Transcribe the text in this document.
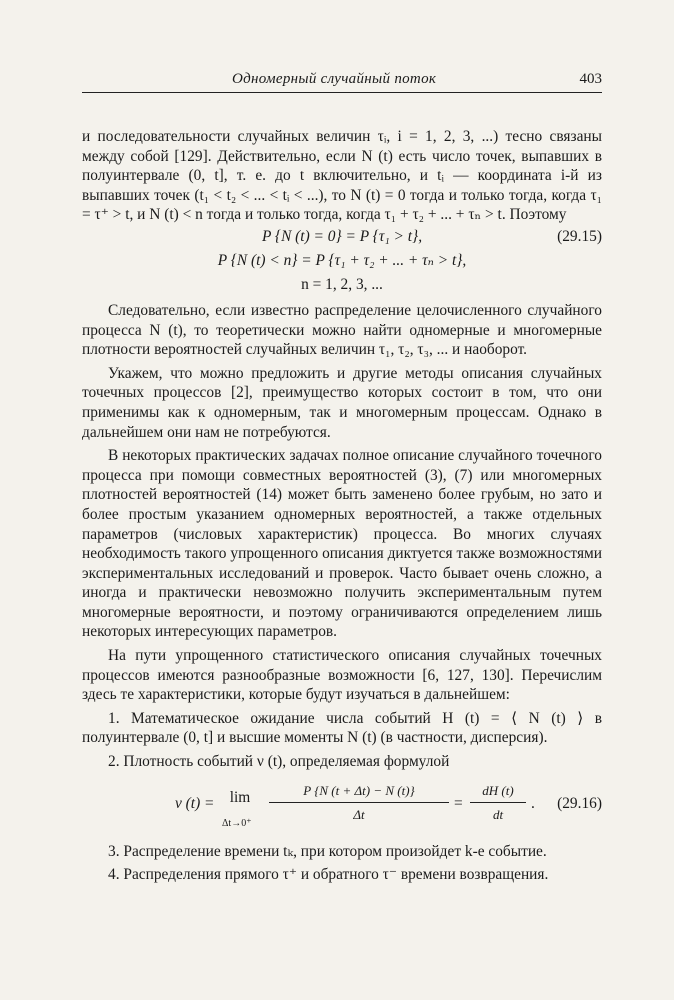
Одномерный случайный поток	403

и последовательности случайных величин τᵢ, i = 1, 2, 3, ...) тесно связаны между собой [129]. Действительно, если N (t) есть число точек, выпавших в полуинтервале (0, t], т. е. до t включительно, и tᵢ — координата i-й из выпавших точек (t₁ < t₂ < ... < tᵢ < ...), то N (t) = 0 тогда и только тогда, когда τ₁ = τ⁺ > t, и N (t) < n тогда и только тогда, когда τ₁ + τ₂ + ... + τₙ > t. Поэтому

P {N (t) = 0} = P {τ₁ > t},	(29.15)
P {N (t) < n} = P {τ₁ + τ₂ + ... + τₙ > t},
n = 1, 2, 3, ...

Следовательно, если известно распределение целочисленного случайного процесса N (t), то теоретически можно найти одномерные и многомерные плотности вероятностей случайных величин τ₁, τ₂, τ₃, ... и наоборот.

Укажем, что можно предложить и другие методы описания случайных точечных процессов [2], преимущество которых состоит в том, что они применимы как к одномерным, так и многомерным процессам. Однако в дальнейшем они нам не потребуются.

В некоторых практических задачах полное описание случайного точечного процесса при помощи совместных вероятностей (3), (7) или многомерных плотностей вероятностей (14) может быть заменено более грубым, но зато и более простым указанием одномерных вероятностей, а также отдельных параметров (числовых характеристик) процесса. Во многих случаях необходимость такого упрощенного описания диктуется также возможностями экспериментальных исследований и проверок. Часто бывает очень сложно, а иногда и практически невозможно получить экспериментальным путем многомерные вероятности, и поэтому ограничиваются определением лишь некоторых интересующих параметров.

На пути упрощенного статистического описания случайных точечных процессов имеются разнообразные возможности [6, 127, 130]. Перечислим здесь те характеристики, которые будут изучаться в дальнейшем:

1. Математическое ожидание числа событий H (t) = ⟨ N (t) ⟩ в полуинтервале (0, t] и высшие моменты N (t) (в частности, дисперсия).

2. Плотность событий ν (t), определяемая формулой

ν (t) = lim
Δt→0⁺
P {N (t + Δt) − N (t)}
Δt
=
dH (t)
dt
. (29.16)

3. Распределение времени tₖ, при котором произойдет k-е событие.

4. Распределения прямого τ⁺ и обратного τ⁻ времени возвращения.
